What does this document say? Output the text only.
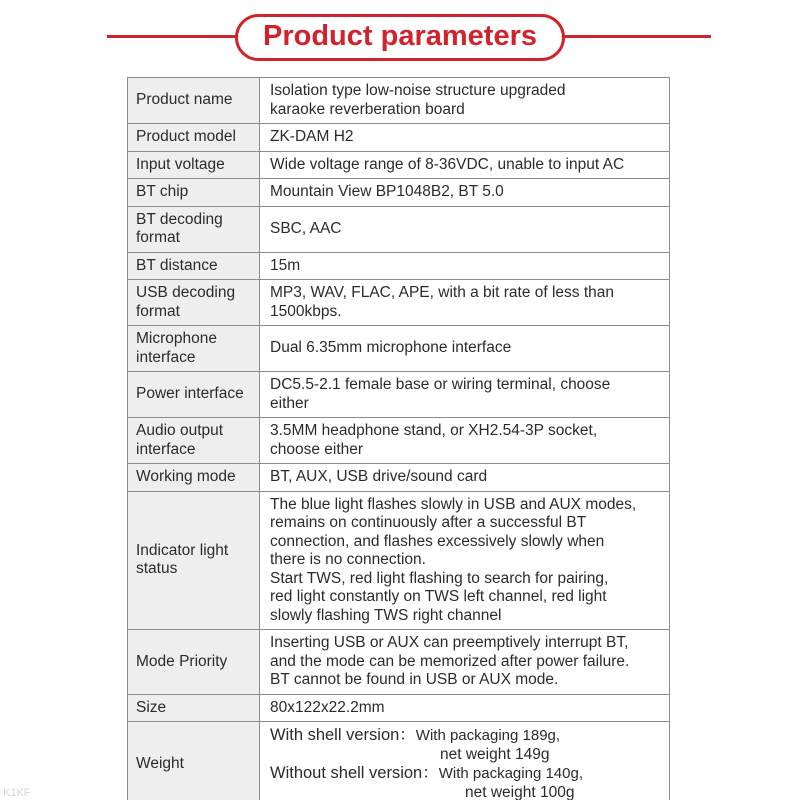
Product parameters
Product name	Isolation type low-noise structure upgraded
karaoke reverberation board
Product model	ZK-DAM H2
Input voltage	Wide voltage range of 8-36VDC, unable to input AC
BT chip	Mountain View BP1048B2, BT 5.0
BT decoding format	SBC, AAC
BT distance	15m
USB decoding format	MP3, WAV, FLAC, APE, with a bit rate of less than
1500kbps.
Microphone interface	Dual 6.35mm microphone interface
Power interface	DC5.5-2.1 female base or wiring terminal, choose
either
Audio output interface	3.5MM headphone stand, or XH2.54-3P socket,
choose either
Working mode	BT, AUX, USB drive/sound card
Indicator light status	The blue light flashes slowly in USB and AUX modes,
remains on continuously after a successful BT
connection, and flashes excessively slowly when
there is no connection.
Start TWS, red light flashing to search for pairing,
red light constantly on TWS left channel, red light
slowly flashing TWS right channel
Mode Priority	Inserting USB or AUX can preemptively interrupt BT,
and the mode can be memorized after power failure.
BT cannot be found in USB or AUX mode.
Size	80x122x22.2mm
Weight	With shell version：With packaging 189g,
net weight 149g
Without shell version：With packaging 140g,
net weight 100g
K1KF
